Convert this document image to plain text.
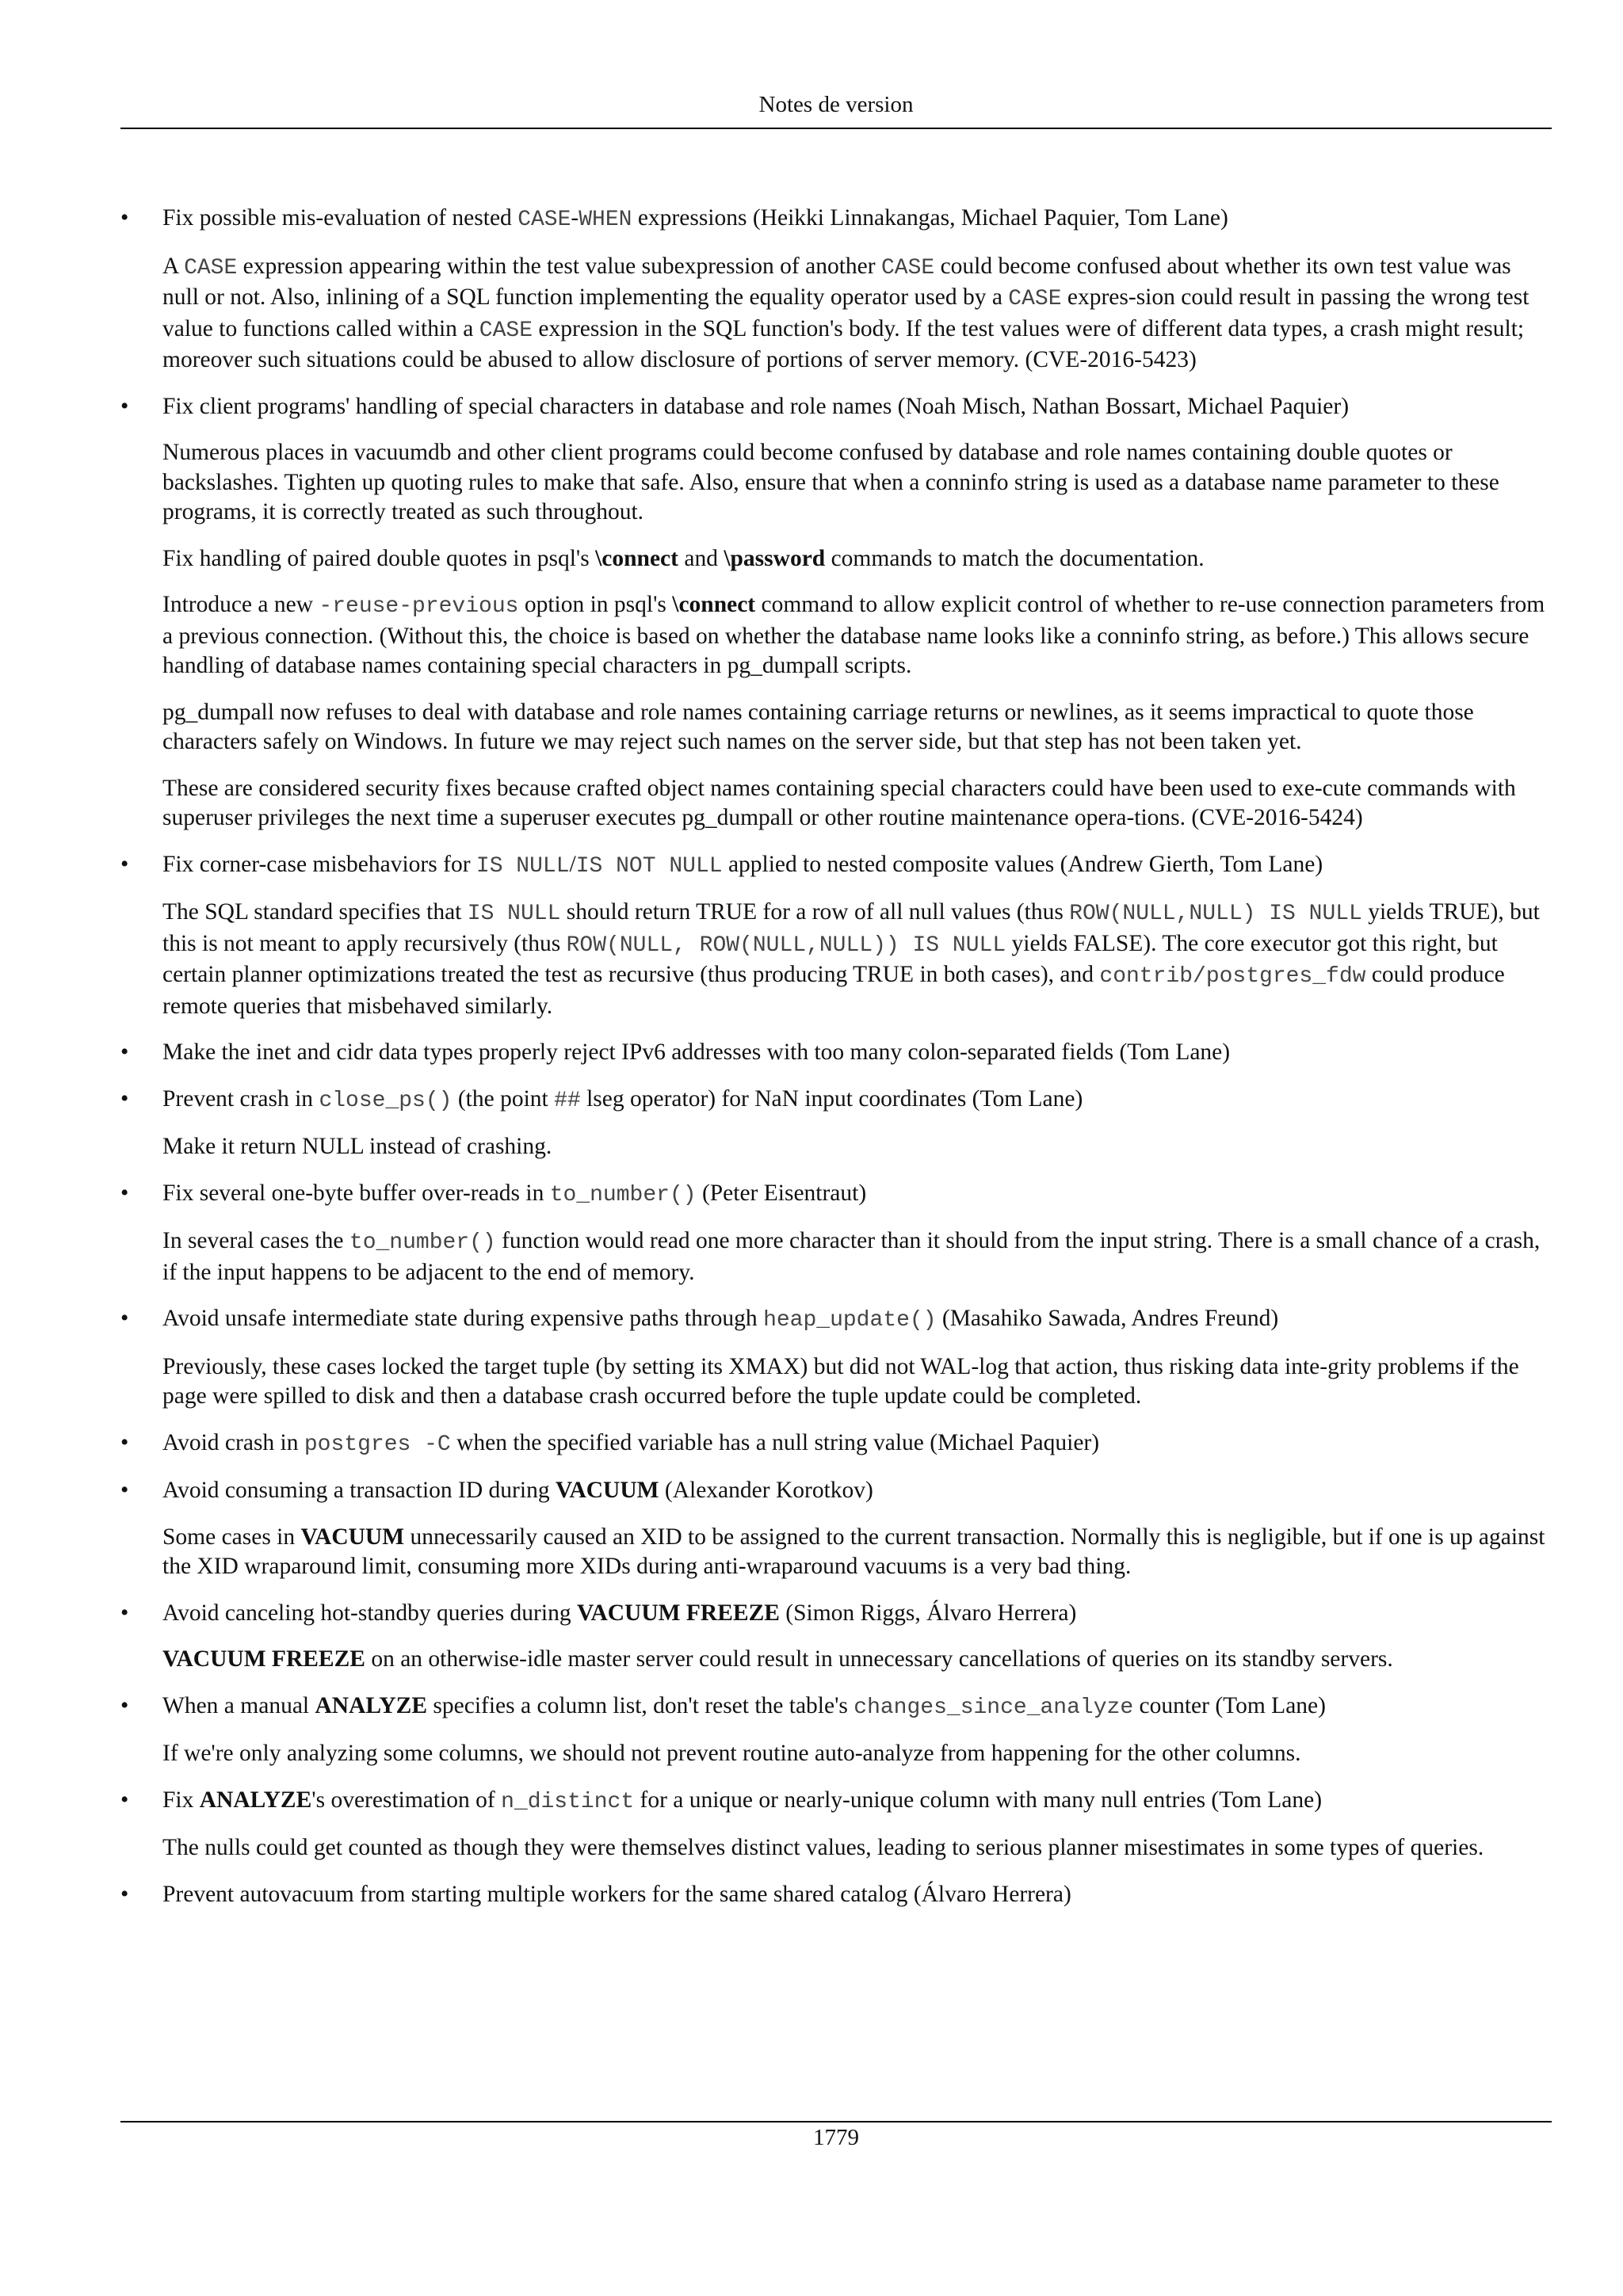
Notes de version
• Fix possible mis-evaluation of nested CASE-WHEN expressions (Heikki Linnakangas, Michael Paquier, Tom Lane)

A CASE expression appearing within the test value subexpression of another CASE could become confused about whether its own test value was null or not. Also, inlining of a SQL function implementing the equality operator used by a CASE expres-sion could result in passing the wrong test value to functions called within a CASE expression in the SQL function's body. If the test values were of different data types, a crash might result; moreover such situations could be abused to allow disclosure of portions of server memory. (CVE-2016-5423)

• Fix client programs' handling of special characters in database and role names (Noah Misch, Nathan Bossart, Michael Paquier)

Numerous places in vacuumdb and other client programs could become confused by database and role names containing double quotes or backslashes. Tighten up quoting rules to make that safe. Also, ensure that when a conninfo string is used as a database name parameter to these programs, it is correctly treated as such throughout.

Fix handling of paired double quotes in psql's \connect and \password commands to match the documentation.

Introduce a new -reuse-previous option in psql's \connect command to allow explicit control of whether to re-use connection parameters from a previous connection. (Without this, the choice is based on whether the database name looks like a conninfo string, as before.) This allows secure handling of database names containing special characters in pg_dumpall scripts.

pg_dumpall now refuses to deal with database and role names containing carriage returns or newlines, as it seems impractical to quote those characters safely on Windows. In future we may reject such names on the server side, but that step has not been taken yet.

These are considered security fixes because crafted object names containing special characters could have been used to exe-cute commands with superuser privileges the next time a superuser executes pg_dumpall or other routine maintenance opera-tions. (CVE-2016-5424)

• Fix corner-case misbehaviors for IS NULL/IS NOT NULL applied to nested composite values (Andrew Gierth, Tom Lane)

The SQL standard specifies that IS NULL should return TRUE for a row of all null values (thus ROW(NULL,NULL) IS NULL yields TRUE), but this is not meant to apply recursively (thus ROW(NULL, ROW(NULL,NULL)) IS NULL yields FALSE). The core executor got this right, but certain planner optimizations treated the test as recursive (thus producing TRUE in both cases), and contrib/postgres_fdw could produce remote queries that misbehaved similarly.

• Make the inet and cidr data types properly reject IPv6 addresses with too many colon-separated fields (Tom Lane)

• Prevent crash in close_ps() (the point ## lseg operator) for NaN input coordinates (Tom Lane)

Make it return NULL instead of crashing.

• Fix several one-byte buffer over-reads in to_number() (Peter Eisentraut)

In several cases the to_number() function would read one more character than it should from the input string. There is a small chance of a crash, if the input happens to be adjacent to the end of memory.

• Avoid unsafe intermediate state during expensive paths through heap_update() (Masahiko Sawada, Andres Freund)

Previously, these cases locked the target tuple (by setting its XMAX) but did not WAL-log that action, thus risking data inte-grity problems if the page were spilled to disk and then a database crash occurred before the tuple update could be completed.

• Avoid crash in postgres -C when the specified variable has a null string value (Michael Paquier)

• Avoid consuming a transaction ID during VACUUM (Alexander Korotkov)

Some cases in VACUUM unnecessarily caused an XID to be assigned to the current transaction. Normally this is negligible, but if one is up against the XID wraparound limit, consuming more XIDs during anti-wraparound vacuums is a very bad thing.

• Avoid canceling hot-standby queries during VACUUM FREEZE (Simon Riggs, Álvaro Herrera)

VACUUM FREEZE on an otherwise-idle master server could result in unnecessary cancellations of queries on its standby servers.

• When a manual ANALYZE specifies a column list, don't reset the table's changes_since_analyze counter (Tom Lane)

If we're only analyzing some columns, we should not prevent routine auto-analyze from happening for the other columns.

• Fix ANALYZE's overestimation of n_distinct for a unique or nearly-unique column with many null entries (Tom Lane)

The nulls could get counted as though they were themselves distinct values, leading to serious planner misestimates in some types of queries.

• Prevent autovacuum from starting multiple workers for the same shared catalog (Álvaro Herrera)

1779
